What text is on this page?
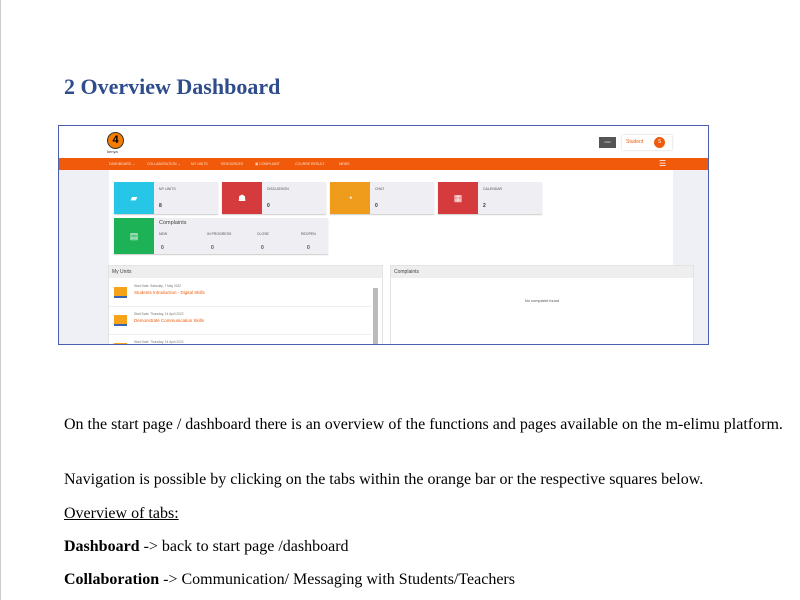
2 Overview Dashboard
4
kenya
2022	Student	S
DASHBOARD ⌄	COLLABORATION ⌄	MY UNITS	RESOURCES	▣ COMPLAINT	COURSE RESULT	NEWS	☰
▰
MY UNITS
8
☗
DISCUSSION
0
◔
CHAT
0
▦
CALENDAR
2
▤
Complaints
NEW	IN PROGRESS	CLOSE	REOPEN
0	0	0	0
My Units
Start Date: Saturday, 7 May 2022
Students Introduction - Digital Skills
Start Date: Thursday, 14 April 2022
Demonstrate Communication Skills
Start Date: Thursday, 14 April 2022
Complaints
No complaint found

On the start page / dashboard there is an overview of the functions and pages available on the m-elimu platform.

Navigation is possible by clicking on the tabs within the orange bar or the respective squares below.

Overview of tabs:

Dashboard -> back to start page /dashboard

Collaboration -> Communication/ Messaging with Students/Teachers
